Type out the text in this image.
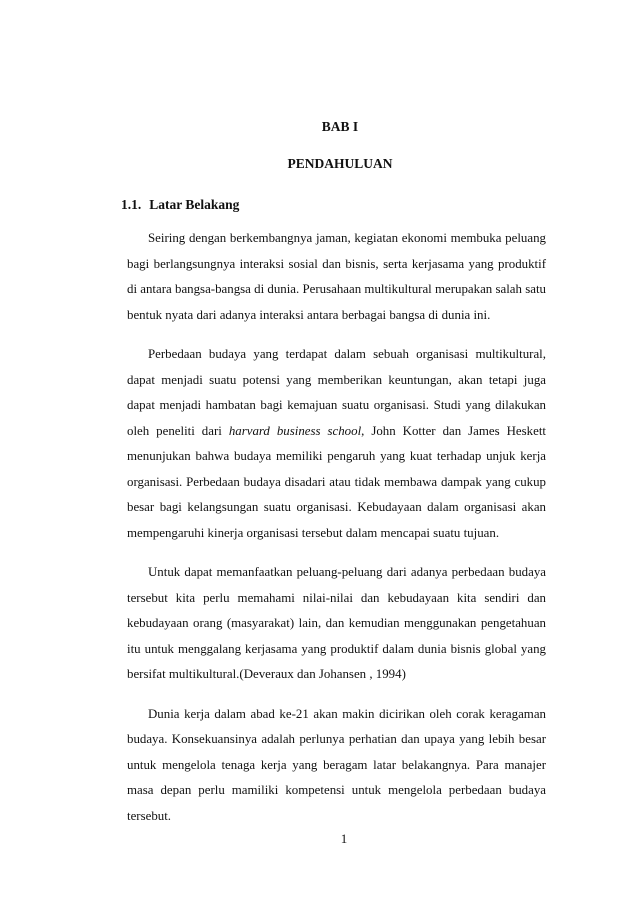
BAB I
PENDAHULUAN
1.1. Latar Belakang

Seiring dengan berkembangnya jaman, kegiatan ekonomi membuka peluang bagi berlangsungnya interaksi sosial dan bisnis, serta kerjasama yang produktif di antara bangsa-bangsa di dunia. Perusahaan multikultural merupakan salah satu bentuk nyata dari adanya interaksi antara berbagai bangsa di dunia ini.

Perbedaan budaya yang terdapat dalam sebuah organisasi multikultural, dapat menjadi suatu potensi yang memberikan keuntungan, akan tetapi juga dapat menjadi hambatan bagi kemajuan suatu organisasi. Studi yang dilakukan oleh peneliti dari harvard business school, John Kotter dan James Heskett menunjukan bahwa budaya memiliki pengaruh yang kuat terhadap unjuk kerja organisasi. Perbedaan budaya disadari atau tidak membawa dampak yang cukup besar bagi kelangsungan suatu organisasi. Kebudayaan dalam organisasi akan mempengaruhi kinerja organisasi tersebut dalam mencapai suatu tujuan.

Untuk dapat memanfaatkan peluang-peluang dari adanya perbedaan budaya tersebut kita perlu memahami nilai-nilai dan kebudayaan kita sendiri dan kebudayaan orang (masyarakat) lain, dan kemudian menggunakan pengetahuan itu untuk menggalang kerjasama yang produktif dalam dunia bisnis global yang bersifat multikultural.(Deveraux dan Johansen , 1994)

Dunia kerja dalam abad ke-21 akan makin dicirikan oleh corak keragaman budaya. Konsekuansinya adalah perlunya perhatian dan upaya yang lebih besar untuk mengelola tenaga kerja yang beragam latar belakangnya. Para manajer masa depan perlu mamiliki kompetensi untuk mengelola perbedaan budaya tersebut.

1
